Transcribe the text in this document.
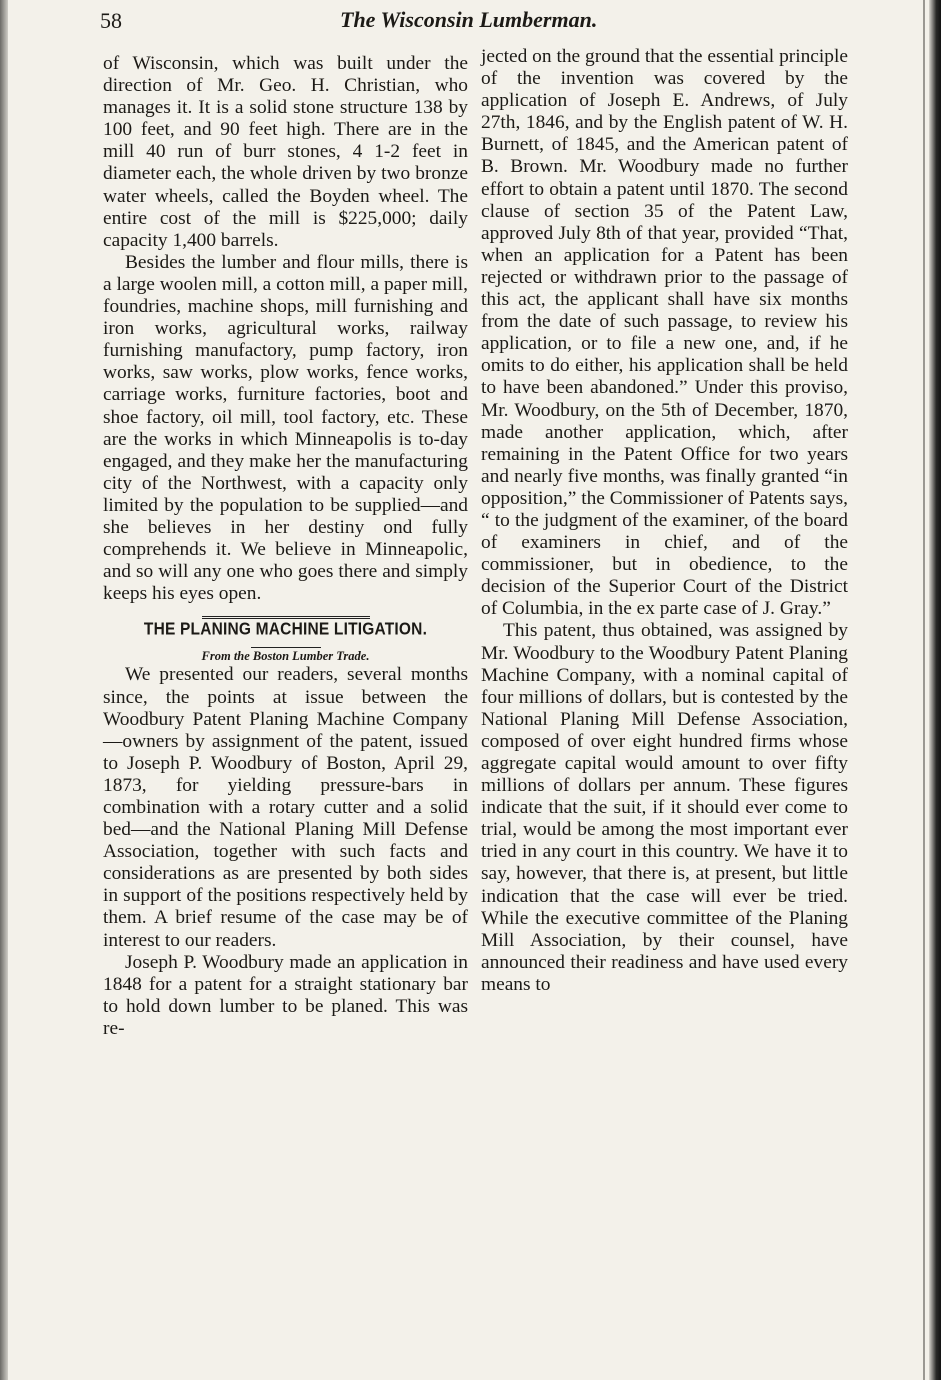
58	The Wisconsin Lumberman.

of Wisconsin, which was built under the direction of Mr. Geo. H. Christian, who manages it. It is a solid stone structure 138 by 100 feet, and 90 feet high. There are in the mill 40 run of burr stones, 4 1-2 feet in diameter each, the whole driven by two bronze water wheels, called the Boyden wheel. The entire cost of the mill is $225,000; daily capacity 1,400 barrels.

Besides the lumber and flour mills, there is a large woolen mill, a cotton mill, a paper mill, foundries, machine shops, mill furnishing and iron works, agricultural works, railway furnishing manufactory, pump factory, iron works, saw works, plow works, fence works, carriage works, furniture factories, boot and shoe factory, oil mill, tool factory, etc. These are the works in which Minneapolis is to-day engaged, and they make her the manufacturing city of the Northwest, with a capacity only limited by the population to be supplied—and she believes in her destiny ond fully comprehends it. We believe in Minneapolic, and so will any one who goes there and simply keeps his eyes open.

THE PLANING MACHINE LITIGATION.

From the Boston Lumber Trade.

We presented our readers, several months since, the points at issue between the Woodbury Patent Planing Machine Company—owners by assignment of the patent, issued to Joseph P. Woodbury of Boston, April 29, 1873, for yielding pressure-bars in combination with a rotary cutter and a solid bed—and the National Planing Mill Defense Association, together with such facts and considerations as are presented by both sides in support of the positions respectively held by them. A brief resume of the case may be of interest to our readers.

Joseph P. Woodbury made an application in 1848 for a patent for a straight stationary bar to hold down lumber to be planed. This was re-

jected on the ground that the essential principle of the invention was covered by the application of Joseph E. Andrews, of July 27th, 1846, and by the English patent of W. H. Burnett, of 1845, and the American patent of B. Brown. Mr. Woodbury made no further effort to obtain a patent until 1870. The second clause of section 35 of the Patent Law, approved July 8th of that year, provided “That, when an application for a Patent has been rejected or withdrawn prior to the passage of this act, the applicant shall have six months from the date of such passage, to review his application, or to file a new one, and, if he omits to do either, his application shall be held to have been abandoned.” Under this proviso, Mr. Woodbury, on the 5th of December, 1870, made another application, which, after remaining in the Patent Office for two years and nearly five months, was finally granted “in opposition,” the Commissioner of Patents says, “ to the judgment of the examiner, of the board of examiners in chief, and of the commissioner, but in obedience, to the decision of the Superior Court of the District of Columbia, in the ex parte case of J. Gray.”

This patent, thus obtained, was assigned by Mr. Woodbury to the Woodbury Patent Planing Machine Company, with a nominal capital of four millions of dollars, but is contested by the National Planing Mill Defense Association, composed of over eight hundred firms whose aggregate capital would amount to over fifty millions of dollars per annum. These figures indicate that the suit, if it should ever come to trial, would be among the most important ever tried in any court in this country. We have it to say, however, that there is, at present, but little indication that the case will ever be tried. While the executive committee of the Planing Mill Association, by their counsel, have announced their readiness and have used every means to
